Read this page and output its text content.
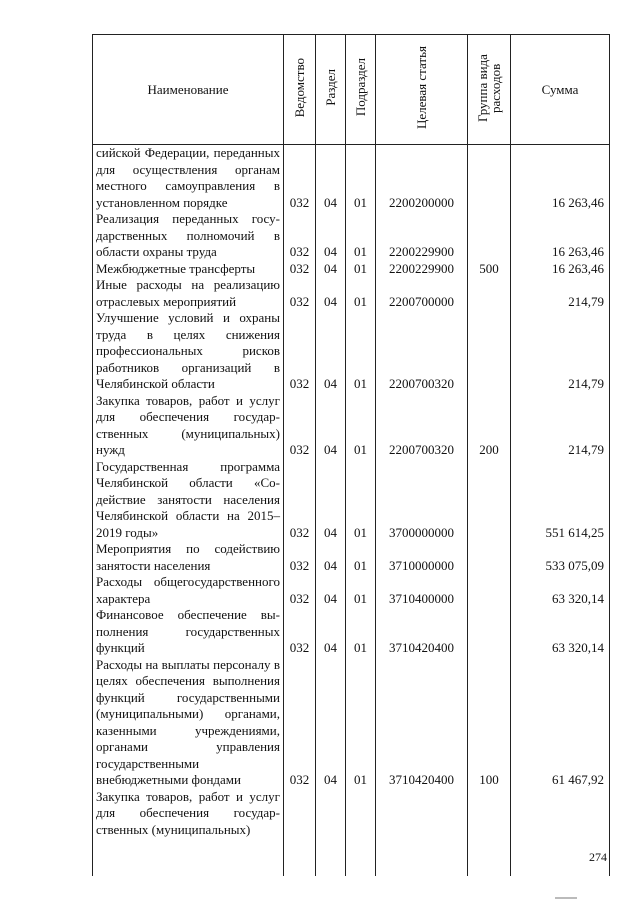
Наименование	Ведомство	Раздел	Подраздел	Целевая статья	Группа вида расходов	Сумма
сийской Федерации, переданных для осуществления органам местного самоуправления в установленном порядке	032	04	01	2200200000		16 263,46
Реализация переданных государственных полномочий в области охраны труда	032	04	01	2200229900		16 263,46
Межбюджетные трансферты	032	04	01	2200229900	500	16 263,46
Иные расходы на реализацию отраслевых мероприятий	032	04	01	2200700000		214,79
Улучшение условий и охраны труда в целях снижения профессиональных рисков работников организаций в Челябинской области	032	04	01	2200700320		214,79
Закупка товаров, работ и услуг для обеспечения государственных (муниципальных) нужд	032	04	01	2200700320	200	214,79
Государственная программа Челябинской области «Содействие занятости населения Челябинской области на 2015–2019 годы»	032	04	01	3700000000		551 614,25
Мероприятия по содействию занятости населения	032	04	01	3710000000		533 075,09
Расходы общегосударственного характера	032	04	01	3710400000		63 320,14
Финансовое обеспечение выполнения государственных функций	032	04	01	3710420400		63 320,14
Расходы на выплаты персоналу в целях обеспечения выполнения функций государственными (муниципальными) органами, казенными учреждениями, органами управления государственными внебюджетными фондами	032	04	01	3710420400	100	61 467,92
Закупка товаров, работ и услуг для обеспечения государственных (муниципальных)						
274
